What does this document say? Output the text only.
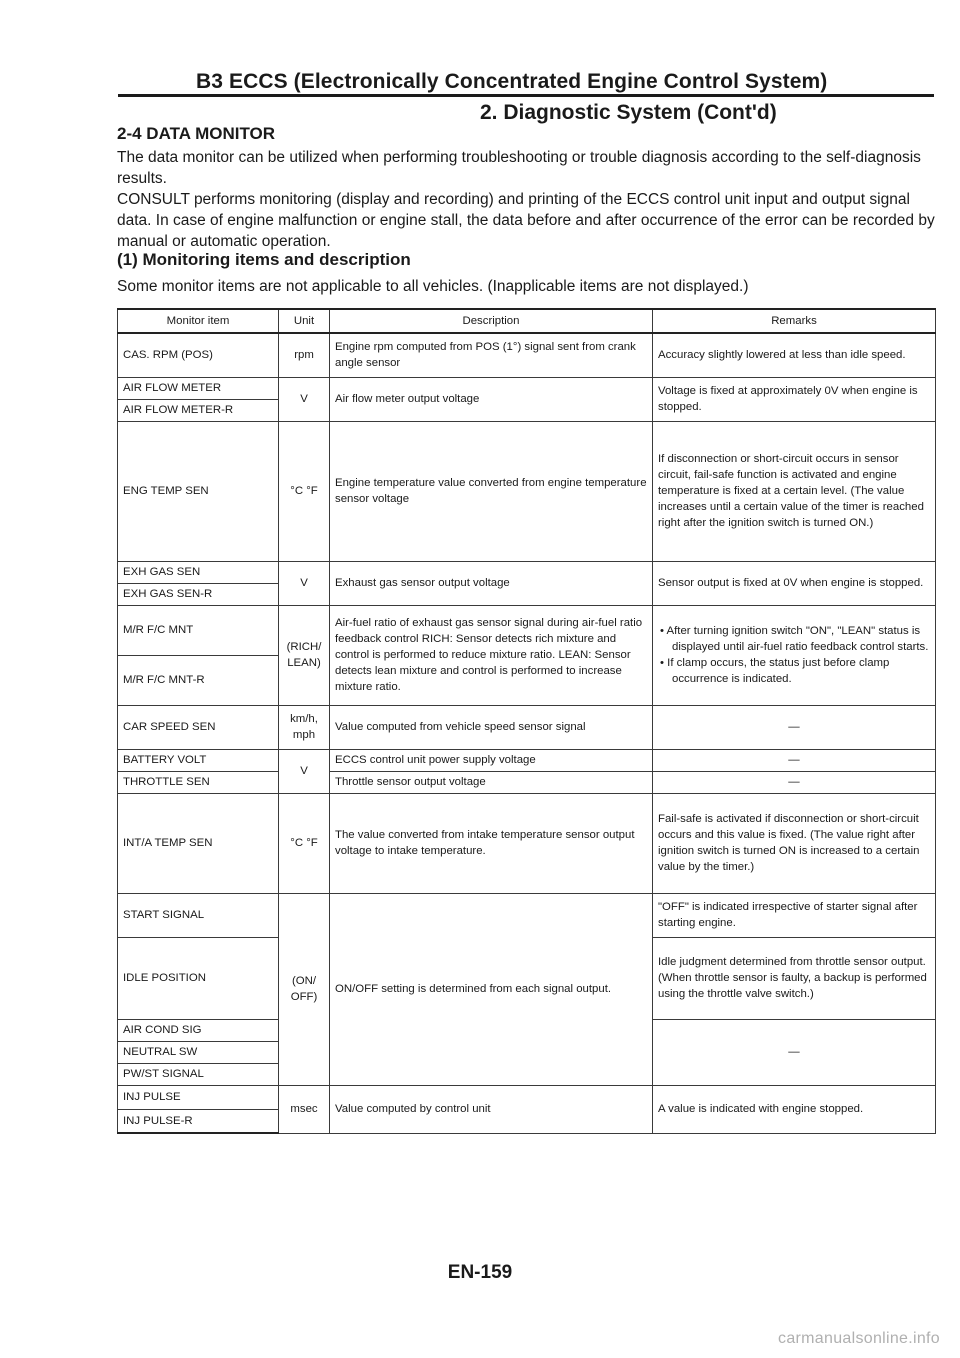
B3 ECCS (Electronically Concentrated Engine Control System)
2. Diagnostic System (Cont'd)
2-4 DATA MONITOR

The data monitor can be utilized when performing troubleshooting or trouble diagnosis according to the self-diagnosis results.

CONSULT performs monitoring (display and recording) and printing of the ECCS control unit input and output signal data. In case of engine malfunction or engine stall, the data before and after occurrence of the error can be recorded by manual or automatic operation.

(1) Monitoring items and description

Some monitor items are not applicable to all vehicles. (Inapplicable items are not displayed.)

Monitor item	Unit	Description	Remarks
CAS. RPM (POS)	rpm	Engine rpm computed from POS (1°) signal sent from crank angle sensor	Accuracy slightly lowered at less than idle speed.
AIR FLOW METER	V	Air flow meter output voltage	Voltage is fixed at approximately 0V when engine is stopped.
AIR FLOW METER-R			
ENG TEMP SEN	°C °F	Engine temperature value converted from engine temperature sensor voltage	If disconnection or short-circuit occurs in sensor circuit, fail-safe function is activated and engine temperature is fixed at a certain level. (The value increases until a certain value of the timer is reached right after the ignition switch is turned ON.)
EXH GAS SEN	V	Exhaust gas sensor output voltage	Sensor output is fixed at 0V when engine is stopped.
EXH GAS SEN-R			
M/R F/C MNT	(RICH/ LEAN)	Air-fuel ratio of exhaust gas sensor signal during air-fuel ratio feedback control RICH: Sensor detects rich mixture and control is performed to reduce mixture ratio. LEAN: Sensor detects lean mixture and control is performed to increase mixture ratio.	• After turning ignition switch "ON", "LEAN" status is displayed until air-fuel ratio feedback control starts.
• If clamp occurs, the status just before clamp occurrence is indicated.

M/R F/C MNT-R			
CAR SPEED SEN	km/h, mph	Value computed from vehicle speed sensor signal	—
BATTERY VOLT	V	ECCS control unit power supply voltage	—
THROTTLE SEN		Throttle sensor output voltage	—
INT/A TEMP SEN	°C °F	The value converted from intake temperature sensor output voltage to intake temperature.	Fail-safe is activated if disconnection or short-circuit occurs and this value is fixed. (The value right after ignition switch is turned ON is increased to a certain value by the timer.)
START SIGNAL	(ON/ OFF)	ON/OFF setting is determined from each signal output.	"OFF" is indicated irrespective of starter signal after starting engine.
IDLE POSITION			Idle judgment determined from throttle sensor output. (When throttle sensor is faulty, a backup is performed using the throttle valve switch.)
AIR COND SIG			—
NEUTRAL SW			
PW/ST SIGNAL			
INJ PULSE	msec	Value computed by control unit	A value is indicated with engine stopped.
INJ PULSE-R			
EN-159
carmanualsonline.info
